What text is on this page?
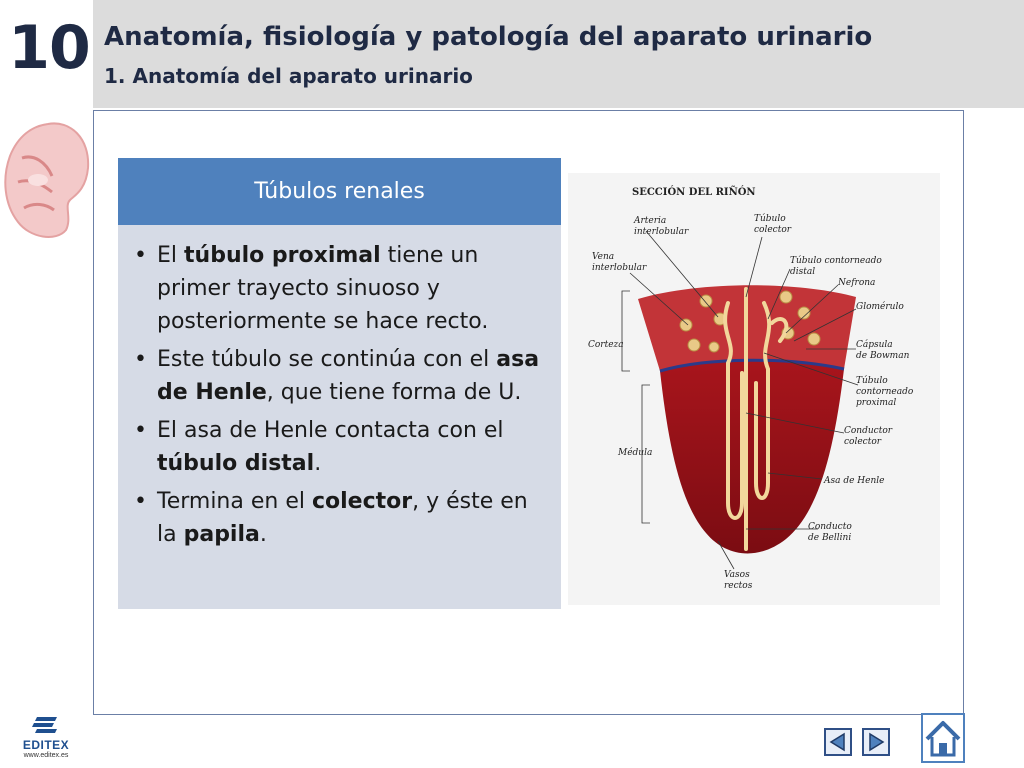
10 Anatomía, fisiología y patología del aparato urinario
1. Anatomía del aparato urinario
Túbulos renales
• El túbulo proximal tiene un primer trayecto sinuoso y posteriormente se hace recto.
• Este túbulo se continúa con el asa de Henle, que tiene forma de U.
• El asa de Henle contacta con el túbulo distal.
• Termina en el colector, y éste en la papila.
SECCIÓN DEL RIÑÓN
Arteria
interlobular
Túbulo
colector
Vena
interlobular
Túbulo contorneado
distal
Nefrona
Glomérulo
Corteza	Cápsula
de Bowman
Túbulo
contorneado
proximal
Conductor
colector
Médula
Asa de Henle
Conducto
de Bellini
Vasos
rectos
EDITEX
www.editex.es
